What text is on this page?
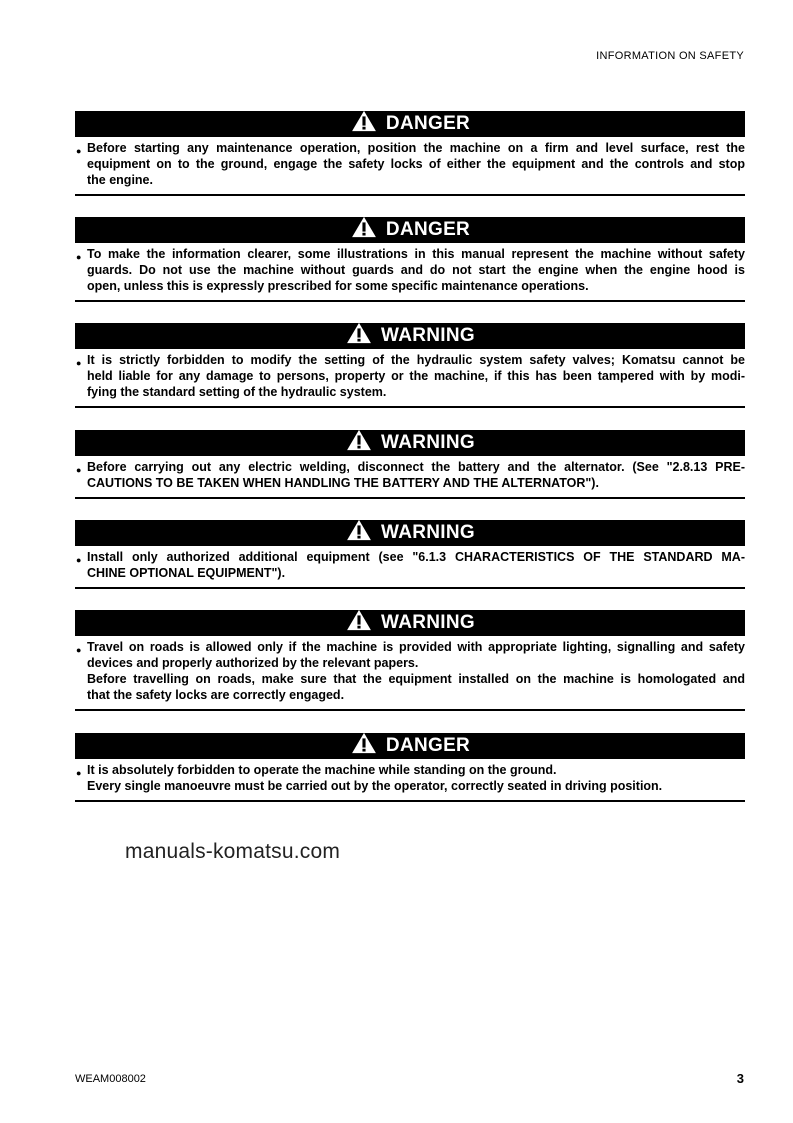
INFORMATION ON SAFETY
DANGER
● Before starting any maintenance operation, position the machine on a firm and level surface, rest the
equipment on to the ground, engage the safety locks of either the equipment and the controls and stop
the engine.
DANGER
● To make the information clearer, some illustrations in this manual represent the machine without safety
guards. Do not use the machine without guards and do not start the engine when the engine hood is
open, unless this is expressly prescribed for some specific maintenance operations.
WARNING
● It is strictly forbidden to modify the setting of the hydraulic system safety valves; Komatsu cannot be
held liable for any damage to persons, property or the machine, if this has been tampered with by modi-
fying the standard setting of the hydraulic system.
WARNING
● Before carrying out any electric welding, disconnect the battery and the alternator. (See "2.8.13 PRE-
CAUTIONS TO BE TAKEN WHEN HANDLING THE BATTERY AND THE ALTERNATOR").
WARNING
● Install only authorized additional equipment (see "6.1.3 CHARACTERISTICS OF THE STANDARD MA-
CHINE OPTIONAL EQUIPMENT").
WARNING
● Travel on roads is allowed only if the machine is provided with appropriate lighting, signalling and safety
devices and properly authorized by the relevant papers.
Before travelling on roads, make sure that the equipment installed on the machine is homologated and
that the safety locks are correctly engaged.
DANGER
● It is absolutely forbidden to operate the machine while standing on the ground.
Every single manoeuvre must be carried out by the operator, correctly seated in driving position.
manuals-komatsu.com
WEAM008002	3
